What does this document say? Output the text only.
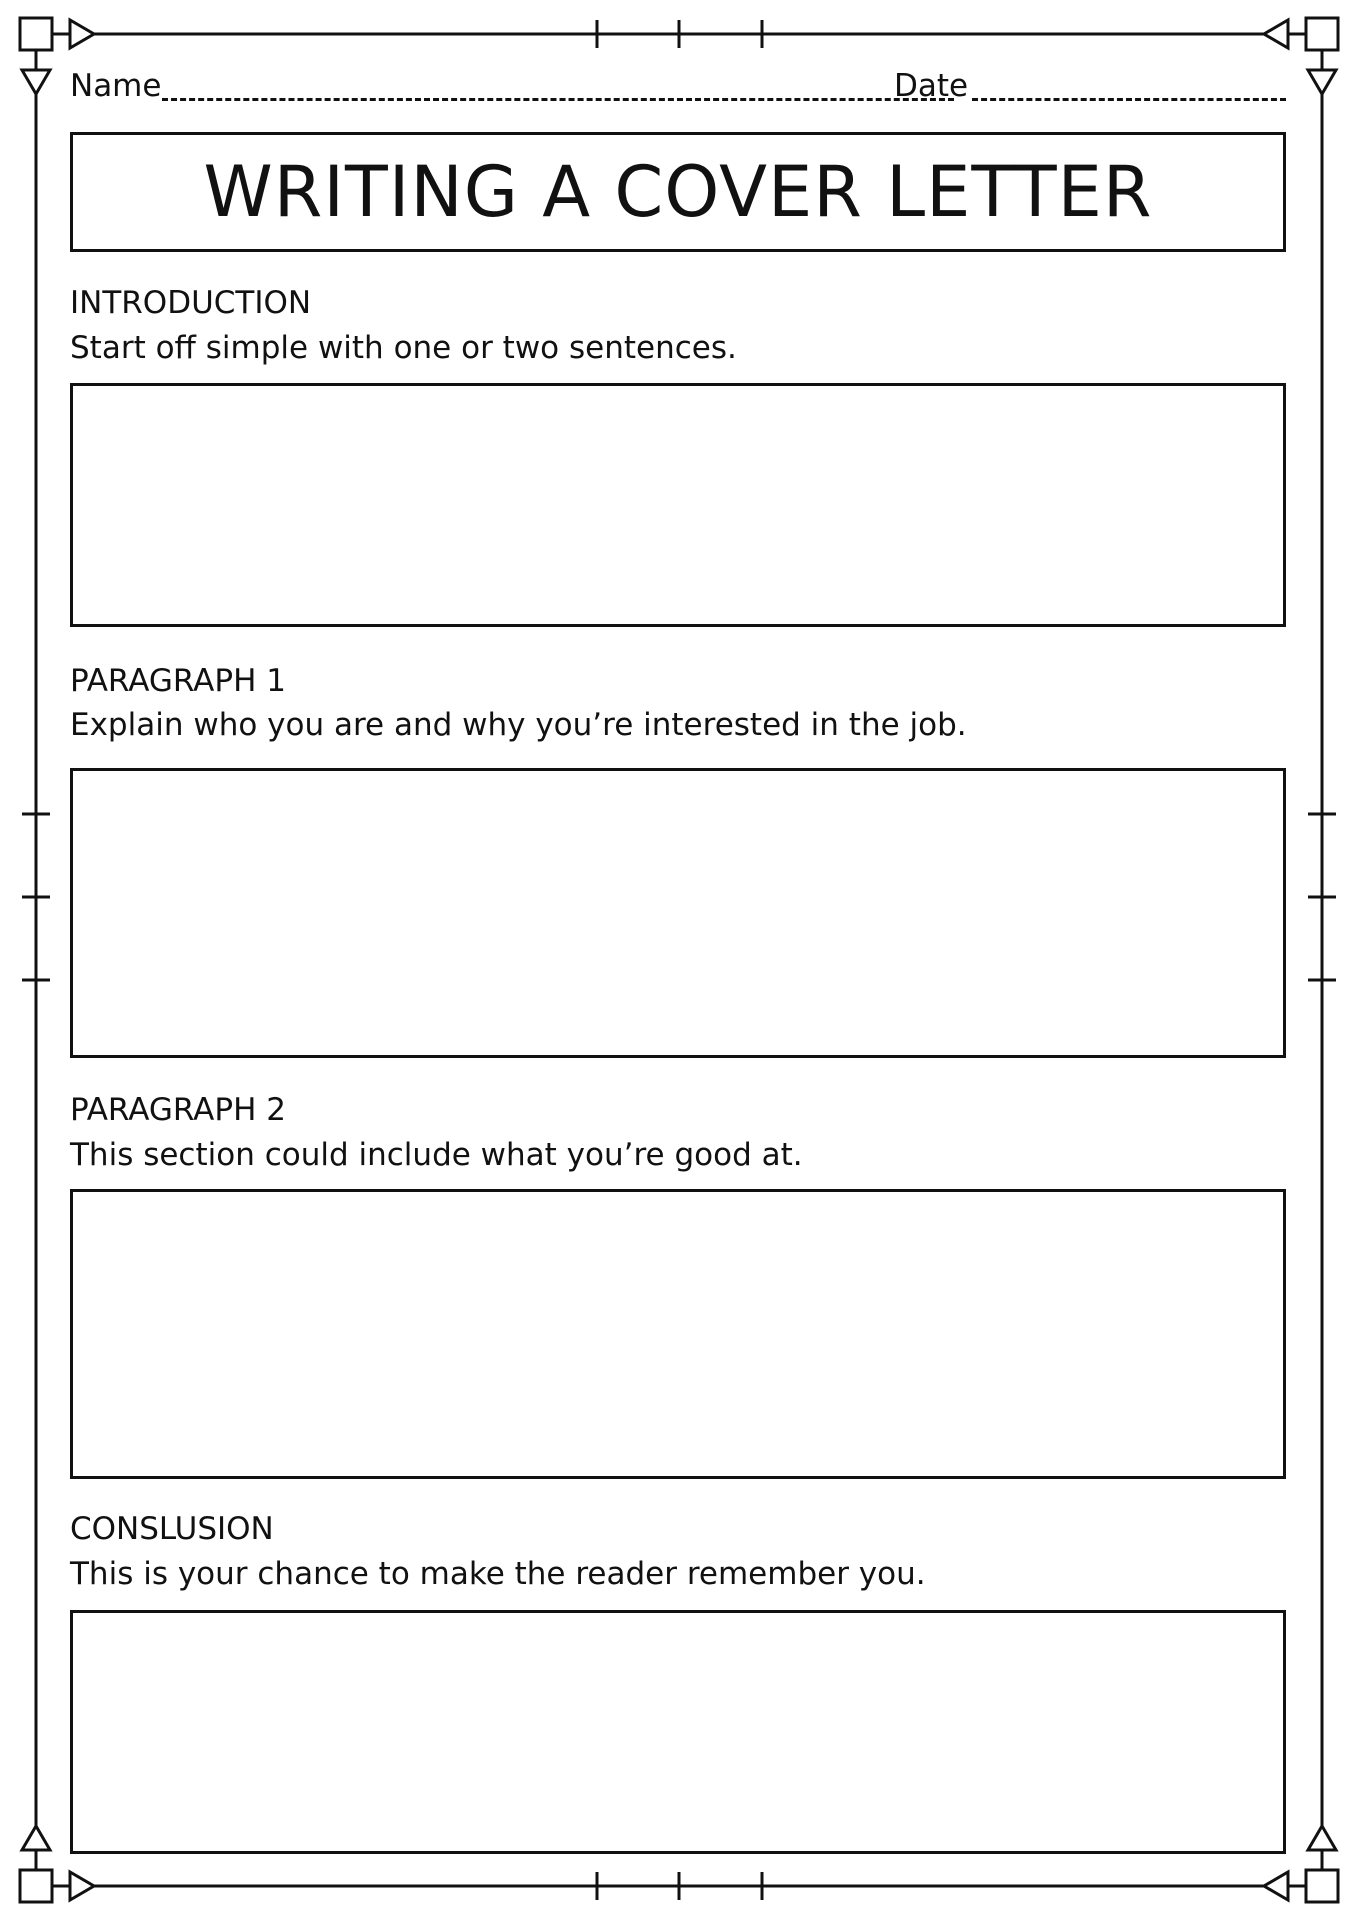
Name	Date
WRITING A COVER LETTER
INTRODUCTION
Start off simple with one or two sentences.
PARAGRAPH 1
Explain who you are and why you’re interested in the job.
PARAGRAPH 2
This section could include what you’re good at.
CONSLUSION
This is your chance to make the reader remember you.
